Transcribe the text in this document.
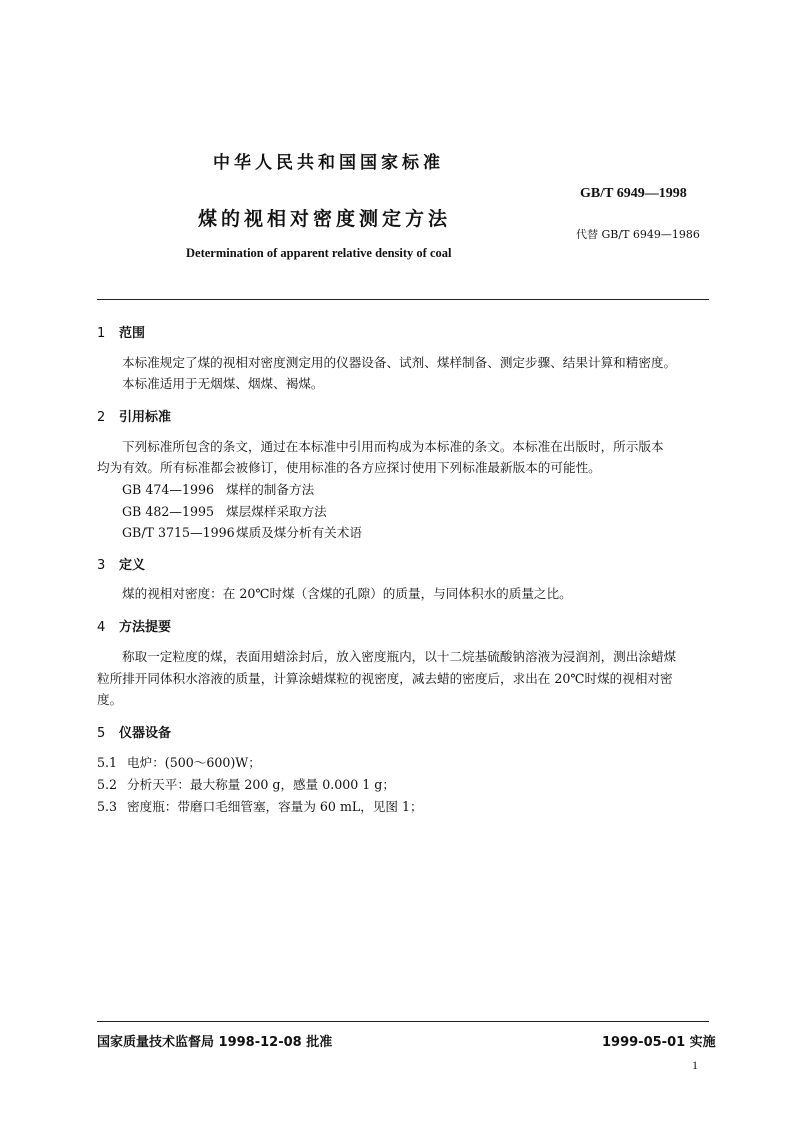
中华人民共和国国家标准
GB/T 6949—1998
煤的视相对密度测定方法
代替 GB/T 6949—1986
Determination of apparent relative density of coal
1 范围
本标准规定了煤的视相对密度测定用的仪器设备、试剂、煤样制备、测定步骤、结果计算和精密度。
本标准适用于无烟煤、烟煤、褐煤。
2 引用标准
下列标准所包含的条文，通过在本标准中引用而构成为本标准的条文。本标准在出版时，所示版本
均为有效。所有标准都会被修订，使用标准的各方应探讨使用下列标准最新版本的可能性。
GB 474—1996 煤样的制备方法
GB 482—1995 煤层煤样采取方法
GB/T 3715—1996煤质及煤分析有关术语
3 定义
煤的视相对密度：在 20℃时煤（含煤的孔隙）的质量，与同体积水的质量之比。
4 方法提要
称取一定粒度的煤，表面用蜡涂封后，放入密度瓶内，以十二烷基硫酸钠溶液为浸润剂，测出涂蜡煤
粒所排开同体积水溶液的质量，计算涂蜡煤粒的视密度，减去蜡的密度后，求出在 20℃时煤的视相对密
度。
5 仪器设备
5.1 电炉：(500～600)W；
5.2 分析天平：最大称量 200 g，感量 0.000 1 g；
5.3 密度瓶：带磨口毛细管塞，容量为 60 mL，见图 1；
国家质量技术监督局 1998-12-08 批准	1999-05-01 实施
1
